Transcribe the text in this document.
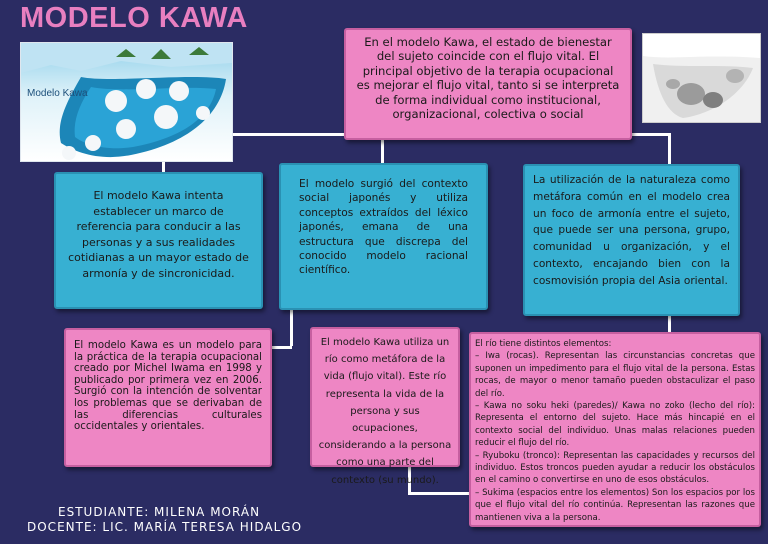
MODELO KAWA
Modelo Kawa
En el modelo Kawa, el estado de bienestar del sujeto coincide con el flujo vital. El principal objetivo de la terapia ocupacional es mejorar el flujo vital, tanto si se interpreta de forma individual como institucional, organizacional, colectiva o social
El modelo Kawa intenta establecer un marco de referencia para conducir a las personas y a sus realidades cotidianas a un mayor estado de armonía y de sincronicidad.
El modelo surgió del contexto social japonés y utiliza conceptos extraídos del léxico japonés, emana de una estructura que discrepa del conocido modelo racional científico.
La utilización de la naturaleza como metáfora común en el modelo crea un foco de armonía entre el sujeto, que puede ser una persona, grupo, comunidad u organización, y el contexto, encajando bien con la cosmovisión propia del Asia oriental.
El modelo Kawa es un modelo para la práctica de la terapia ocupacional creado por Michel Iwama en 1998 y publicado por primera vez en 2006. Surgió con la intención de solventar los problemas que se derivaban de las diferencias culturales occidentales y orientales.
El modelo Kawa utiliza un río como metáfora de la vida (flujo vital). Este río representa la vida de la persona y sus ocupaciones, considerando a la persona como una parte del contexto (su mundo).
El río tiene distintos elementos:
– Iwa (rocas). Representan las circunstancias concretas que suponen un impedimento para el flujo vital de la persona. Estas rocas, de mayor o menor tamaño pueden obstaculizar el paso del río.
– Kawa no soku heki (paredes)/ Kawa no zoko (lecho del río): Representa el entorno del sujeto. Hace más hincapié en el contexto social del individuo. Unas malas relaciones pueden reducir el flujo del río.
– Ryuboku (tronco): Representan las capacidades y recursos del individuo. Estos troncos pueden ayudar a reducir los obstáculos en el camino o convertirse en uno de esos obstáculos.
– Sukima (espacios entre los elementos) Son los espacios por los que el flujo vital del río continúa. Representan las razones que mantienen viva a la persona.
ESTUDIANTE: MILENA MORÁN
DOCENTE: LIC. MARÍA TERESA HIDALGO
